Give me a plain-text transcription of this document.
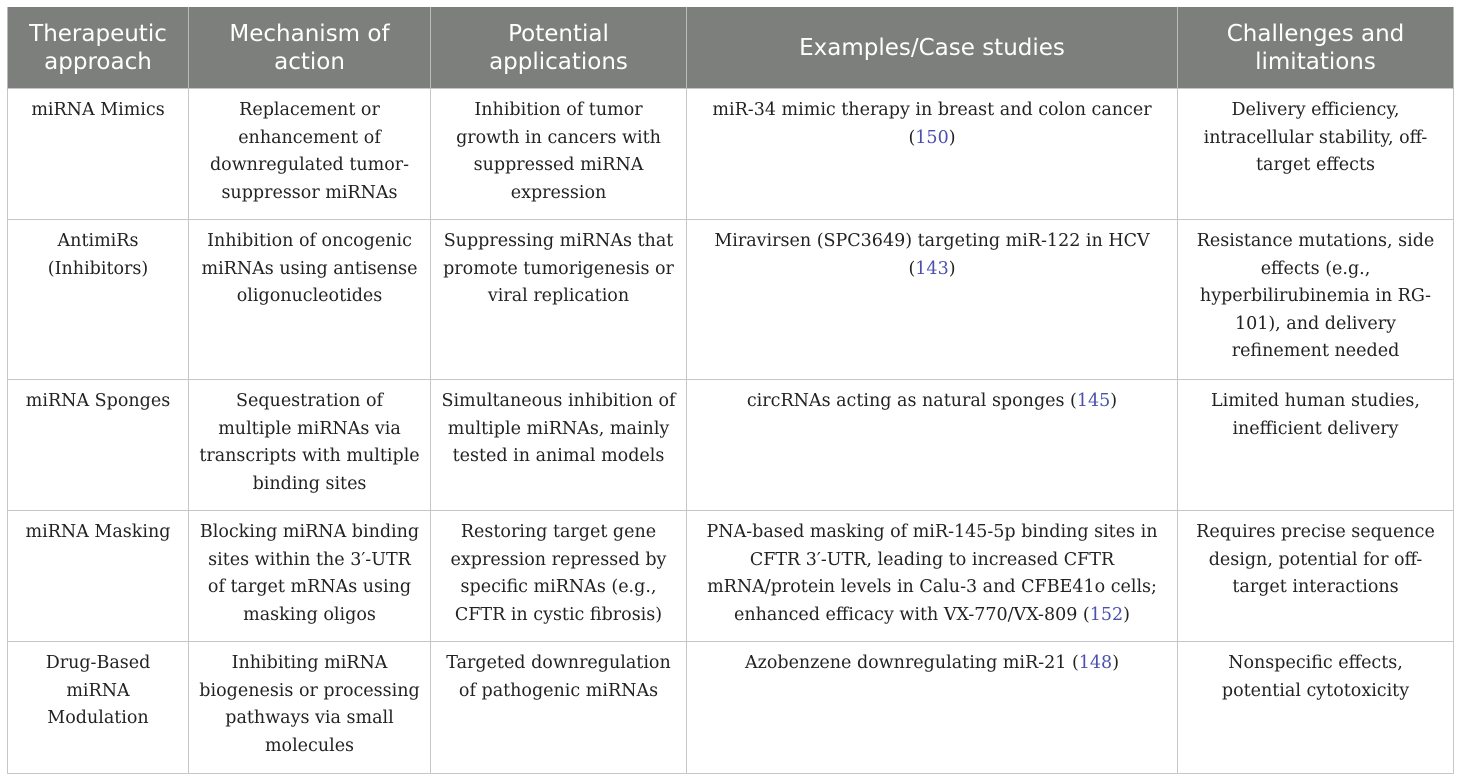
Therapeutic approach	Mechanism of action	Potential applications	Examples/Case studies	Challenges and limitations
miRNA Mimics	Replacement or enhancement of downregulated tumor-suppressor miRNAs	Inhibition of tumor growth in cancers with suppressed miRNA expression	miR-34 mimic therapy in breast and colon cancer (150)	Delivery efficiency, intracellular stability, off-target effects
AntimiRs (Inhibitors)	Inhibition of oncogenic miRNAs using antisense oligonucleotides	Suppressing miRNAs that promote tumorigenesis or viral replication	Miravirsen (SPC3649) targeting miR-122 in HCV (143)	Resistance mutations, side effects (e.g., hyperbilirubinemia in RG-101), and delivery refinement needed
miRNA Sponges	Sequestration of multiple miRNAs via transcripts with multiple binding sites	Simultaneous inhibition of multiple miRNAs, mainly tested in animal models	circRNAs acting as natural sponges (145)	Limited human studies, inefficient delivery
miRNA Masking	Blocking miRNA binding sites within the 3′-UTR of target mRNAs using masking oligos	Restoring target gene expression repressed by specific miRNAs (e.g., CFTR in cystic fibrosis)	PNA-based masking of miR-145-5p binding sites in CFTR 3′-UTR, leading to increased CFTR mRNA/protein levels in Calu-3 and CFBE41o cells; enhanced efficacy with VX-770/VX-809 (152)	Requires precise sequence design, potential for off-target interactions
Drug-Based miRNA Modulation	Inhibiting miRNA biogenesis or processing pathways via small molecules	Targeted downregulation of pathogenic miRNAs	Azobenzene downregulating miR-21 (148)	Nonspecific effects, potential cytotoxicity
